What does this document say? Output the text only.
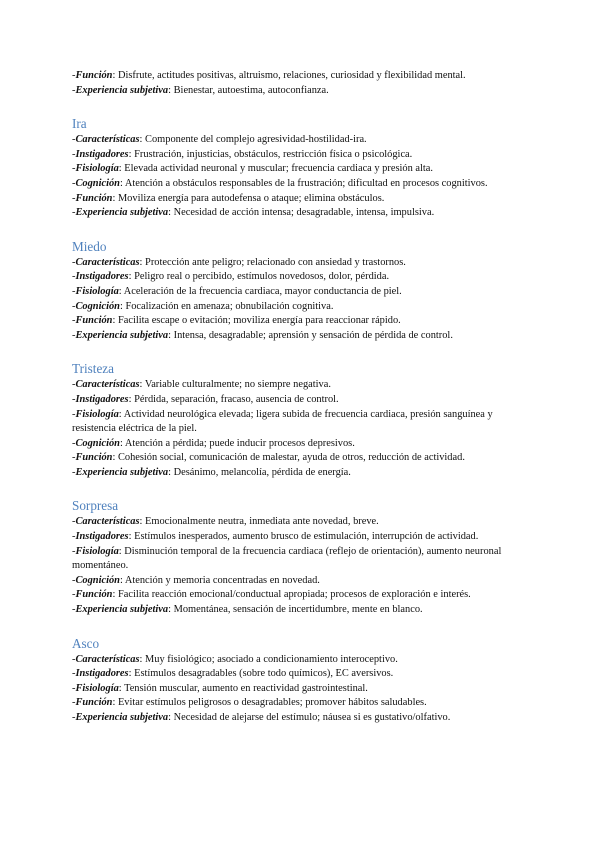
-Función: Disfrute, actitudes positivas, altruismo, relaciones, curiosidad y flexibilidad mental.

-Experiencia subjetiva: Bienestar, autoestima, autoconfianza.

Ira

-Características: Componente del complejo agresividad-hostilidad-ira.

-Instigadores: Frustración, injusticias, obstáculos, restricción física o psicológica.

-Fisiología: Elevada actividad neuronal y muscular; frecuencia cardiaca y presión alta.

-Cognición: Atención a obstáculos responsables de la frustración; dificultad en procesos cognitivos.

-Función: Moviliza energía para autodefensa o ataque; elimina obstáculos.

-Experiencia subjetiva: Necesidad de acción intensa; desagradable, intensa, impulsiva.

Miedo

-Características: Protección ante peligro; relacionado con ansiedad y trastornos.

-Instigadores: Peligro real o percibido, estímulos novedosos, dolor, pérdida.

-Fisiología: Aceleración de la frecuencia cardiaca, mayor conductancia de piel.

-Cognición: Focalización en amenaza; obnubilación cognitiva.

-Función: Facilita escape o evitación; moviliza energía para reaccionar rápido.

-Experiencia subjetiva: Intensa, desagradable; aprensión y sensación de pérdida de control.

Tristeza

-Características: Variable culturalmente; no siempre negativa.

-Instigadores: Pérdida, separación, fracaso, ausencia de control.

-Fisiología: Actividad neurológica elevada; ligera subida de frecuencia cardiaca, presión sanguínea y resistencia eléctrica de la piel.

-Cognición: Atención a pérdida; puede inducir procesos depresivos.

-Función: Cohesión social, comunicación de malestar, ayuda de otros, reducción de actividad.

-Experiencia subjetiva: Desánimo, melancolía, pérdida de energía.

Sorpresa

-Características: Emocionalmente neutra, inmediata ante novedad, breve.

-Instigadores: Estímulos inesperados, aumento brusco de estimulación, interrupción de actividad.

-Fisiología: Disminución temporal de la frecuencia cardiaca (reflejo de orientación), aumento neuronal momentáneo.

-Cognición: Atención y memoria concentradas en novedad.

-Función: Facilita reacción emocional/conductual apropiada; procesos de exploración e interés.

-Experiencia subjetiva: Momentánea, sensación de incertidumbre, mente en blanco.

Asco

-Características: Muy fisiológico; asociado a condicionamiento interoceptivo.

-Instigadores: Estímulos desagradables (sobre todo químicos), EC aversivos.

-Fisiología: Tensión muscular, aumento en reactividad gastrointestinal.

-Función: Evitar estímulos peligrosos o desagradables; promover hábitos saludables.

-Experiencia subjetiva: Necesidad de alejarse del estímulo; náusea si es gustativo/olfativo.
